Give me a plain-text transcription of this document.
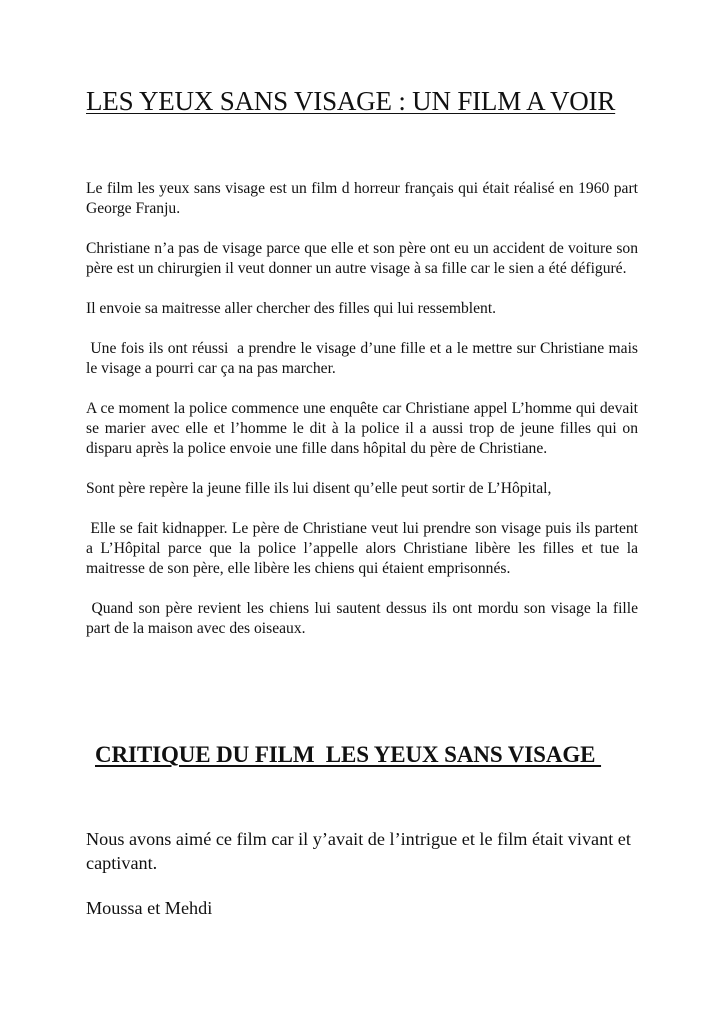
LES YEUX SANS VISAGE : UN FILM A VOIR

Le film les yeux sans visage est un film d horreur français qui était réalisé en 1960 part George Franju.

Christiane n’a pas de visage parce que elle et son père ont eu un accident de voiture son père est un chirurgien il veut donner un autre visage à sa fille car le sien a été défiguré.

Il envoie sa maitresse aller chercher des filles qui lui ressemblent.

Une fois ils ont réussi  a prendre le visage d’une fille et a le mettre sur Christiane mais le visage a pourri car ça na pas marcher.

A ce moment la police commence une enquête car Christiane appel L’homme qui devait se marier avec elle et l’homme le dit à la police il a aussi trop de jeune filles qui on disparu après la police envoie une fille dans hôpital du père de Christiane.

Sont père repère la jeune fille ils lui disent qu’elle peut sortir de L’Hôpital,

Elle se fait kidnapper. Le père de Christiane veut lui prendre son visage puis ils partent a L’Hôpital parce que la police l’appelle alors Christiane libère les filles et tue la maitresse de son père, elle libère les chiens qui étaient emprisonnés.

Quand son père revient les chiens lui sautent dessus ils ont mordu son visage la fille part de la maison avec des oiseaux.

CRITIQUE DU FILM  LES YEUX SANS VISAGE

Nous avons aimé ce film car il y’avait de l’intrigue et le film était vivant et captivant.

Moussa et Mehdi
